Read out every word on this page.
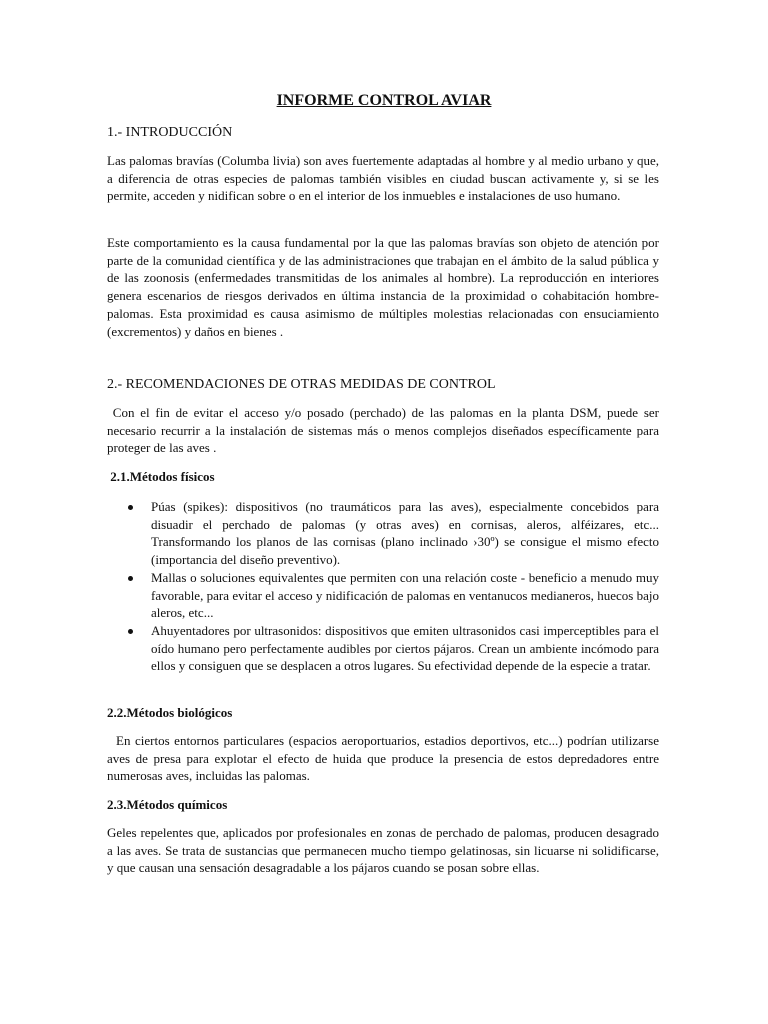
INFORME CONTROL AVIAR
1.- INTRODUCCIÓN
Las palomas bravías (Columba livia) son aves fuertemente adaptadas al hombre y al medio urbano y que, a diferencia de otras especies de palomas también visibles en ciudad buscan activamente y, si se les permite, acceden y nidifican sobre o en el interior de los inmuebles e instalaciones de uso humano.
Este comportamiento es la causa fundamental por la que las palomas bravías son objeto de atención por parte de la comunidad científica y de las administraciones que trabajan en el ámbito de la salud pública y de las zoonosis (enfermedades transmitidas de los animales al hombre). La reproducción en interiores genera escenarios de riesgos derivados en última instancia de la proximidad o cohabitación hombre-palomas. Esta proximidad es causa asimismo de múltiples molestias relacionadas con ensuciamiento (excrementos) y daños en bienes .
2.- RECOMENDACIONES DE OTRAS MEDIDAS DE CONTROL
Con el fin de evitar el acceso y/o posado (perchado) de las palomas en la planta DSM, puede ser necesario recurrir a la instalación de sistemas más o menos complejos diseñados específicamente para proteger de las aves .
2.1.Métodos físicos
Púas (spikes): dispositivos (no traumáticos para las aves), especialmente concebidos para disuadir el perchado de palomas (y otras aves) en cornisas, aleros, alféizares, etc... Transformando los planos de las cornisas (plano inclinado ›30º) se consigue el mismo efecto (importancia del diseño preventivo).
Mallas o soluciones equivalentes que permiten con una relación coste - beneficio a menudo muy favorable, para evitar el acceso y nidificación de palomas en ventanucos medianeros, huecos bajo aleros, etc...
Ahuyentadores por ultrasonidos: dispositivos que emiten ultrasonidos casi imperceptibles para el oído humano pero perfectamente audibles por ciertos pájaros. Crean un ambiente incómodo para ellos y consiguen que se desplacen a otros lugares. Su efectividad depende de la especie a tratar.
2.2.Métodos biológicos
En ciertos entornos particulares (espacios aeroportuarios, estadios deportivos, etc...) podrían utilizarse aves de presa para explotar el efecto de huida que produce la presencia de estos depredadores entre numerosas aves, incluidas las palomas.
2.3.Métodos químicos
Geles repelentes que, aplicados por profesionales en zonas de perchado de palomas, producen desagrado a las aves. Se trata de sustancias que permanecen mucho tiempo gelatinosas, sin licuarse ni solidificarse, y que causan una sensación desagradable a los pájaros cuando se posan sobre ellas.
